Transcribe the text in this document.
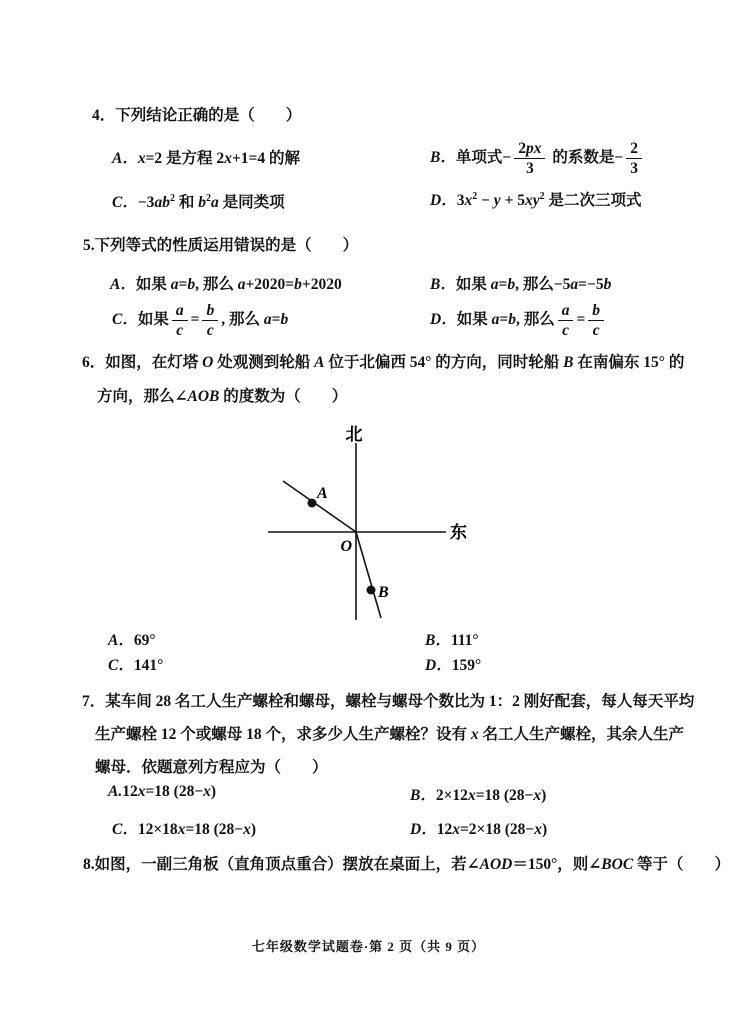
4．下列结论正确的是（　　）
A．x=2 是方程 2x+1=4 的解	B．单项式− $\frac{2px}{3}$ 的系数是− $\frac{2}{3}$
C．$-3ab^2$ 和 $b^2a$ 是同类项	D．$3x^2 - y + 5xy^2$ 是二次三项式
5.下列等式的性质运用错误的是（　　）
A．如果 a=b, 那么 a+2020=b+2020	B．如果 a=b, 那么−5a=−5b
C．如果 $\frac{a}{c} = \frac{b}{c}$ , 那么 a=b	D．如果 a=b, 那么 $\frac{a}{c} = \frac{b}{c}$
6．如图，在灯塔 O 处观测到轮船 A 位于北偏西 54° 的方向，同时轮船 B 在南偏东 15° 的
方向，那么∠AOB 的度数为（　　）
北
东
O
A
B
A．69°	B．111°
C．141°	D．159°
7．某车间 28 名工人生产螺栓和螺母，螺栓与螺母个数比为 1：2 刚好配套，每人每天平均
生产螺栓 12 个或螺母 18 个，求多少人生产螺栓？设有 x 名工人生产螺栓，其余人生产
螺母．依题意列方程应为（　　）
A.12x=18 (28−x)	B．2×12x=18 (28−x)
C．12×18x=18 (28−x)	D．12x=2×18 (28−x)
8.如图，一副三角板（直角顶点重合）摆放在桌面上，若∠AOD＝150°，则∠BOC 等于（　　）
七年级数学试题卷·第 2 页（共 9 页）
